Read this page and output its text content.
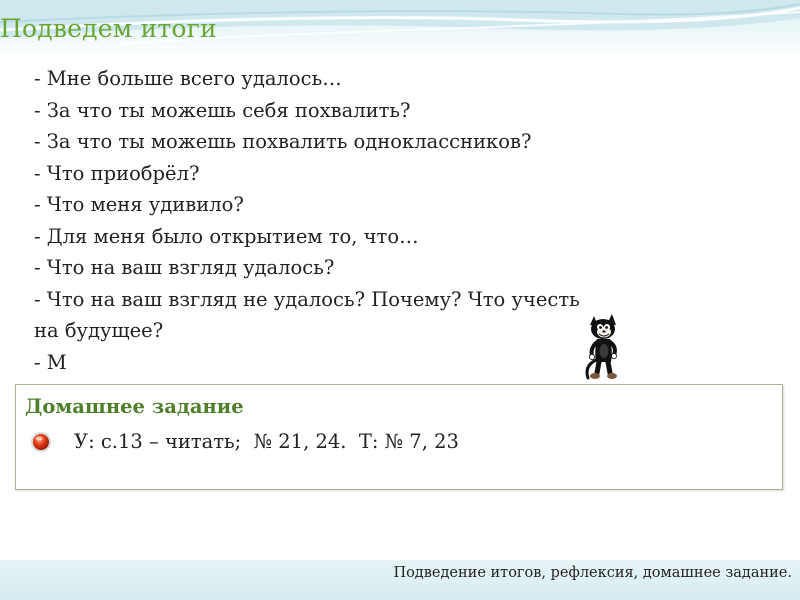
Подведем итоги
- Мне больше всего удалось…
- За что ты можешь себя похвалить?
- За что ты можешь похвалить одноклассников?
- Что приобрёл?
- Что меня удивило?
- Для меня было открытием то, что…
- Что на ваш взгляд удалось?
- Что на ваш взгляд не удалось? Почему? Что учесть на будущее?
- М
Домашнее задание
У: с.13 – читать;  № 21, 24.  Т: № 7, 23
Подведение итогов, рефлексия, домашнее задание.
